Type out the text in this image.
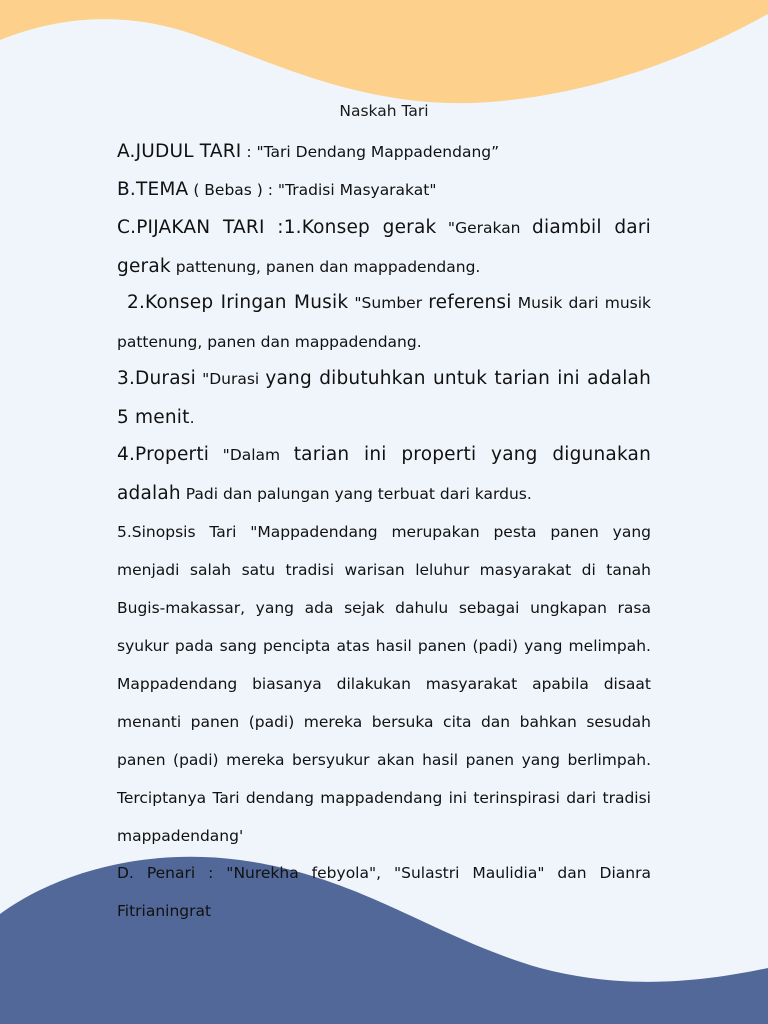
Naskah Tari

A.JUDUL TARI : "Tari Dendang Mappadendang”

B.TEMA ( Bebas ) : "Tradisi Masyarakat"

C.PIJAKAN TARI :1.Konsep gerak "Gerakan diambil dari gerak pattenung, panen dan mappadendang.

2.Konsep Iringan Musik "Sumber referensi Musik dari musik pattenung, panen dan mappadendang.

3.Durasi "Durasi yang dibutuhkan untuk tarian ini adalah 5 menit.

4.Properti "Dalam tarian ini properti yang digunakan adalah Padi dan palungan yang terbuat dari kardus.

5.Sinopsis Tari "Mappadendang merupakan pesta panen yang menjadi salah satu tradisi warisan leluhur masyarakat di tanah Bugis-makassar, yang ada sejak dahulu sebagai ungkapan rasa syukur pada sang pencipta atas hasil panen (padi) yang melimpah. Mappadendang biasanya dilakukan masyarakat apabila disaat menanti panen (padi) mereka bersuka cita dan bahkan sesudah panen (padi) mereka bersyukur akan hasil panen yang berlimpah. Terciptanya Tari dendang mappadendang ini terinspirasi dari tradisi mappadendang'

D. Penari : "Nurekha febyola", "Sulastri Maulidia" dan Dianra Fitrianingrat
